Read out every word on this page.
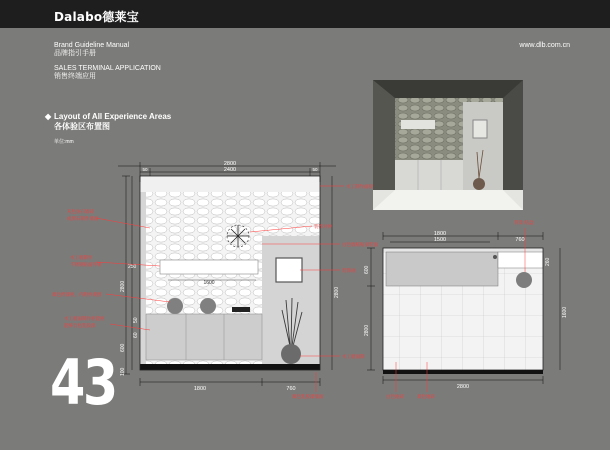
Dalabo德莱宝
Brand Guideline Manual
品牌指引手册
SALES TERMINAL APPLICATION
销售终端应用
www.dlb.com.cn
◆ Layout of All Experience Areas
各体验区布置图
单位:mm
43
2800
2400
50	50
1600
250
2800
50
60
600
100
2800
1800	760
灰色仿石墙砖
或原石制作墙面
木工板制作
不锈钢贴面外喷
暴色烤漆柜，内附抄袭图
木工板面制作柜能柜
能够自色乳胶漆
木工制作面板
装饰对钟
白色墙纸贴面装面
装饰画
木工板面制
暴色乳胶漆墙面
1800
1500	760
600
2800
260
1600
2800
背景·结盘
白色地砖	暴色地砖
